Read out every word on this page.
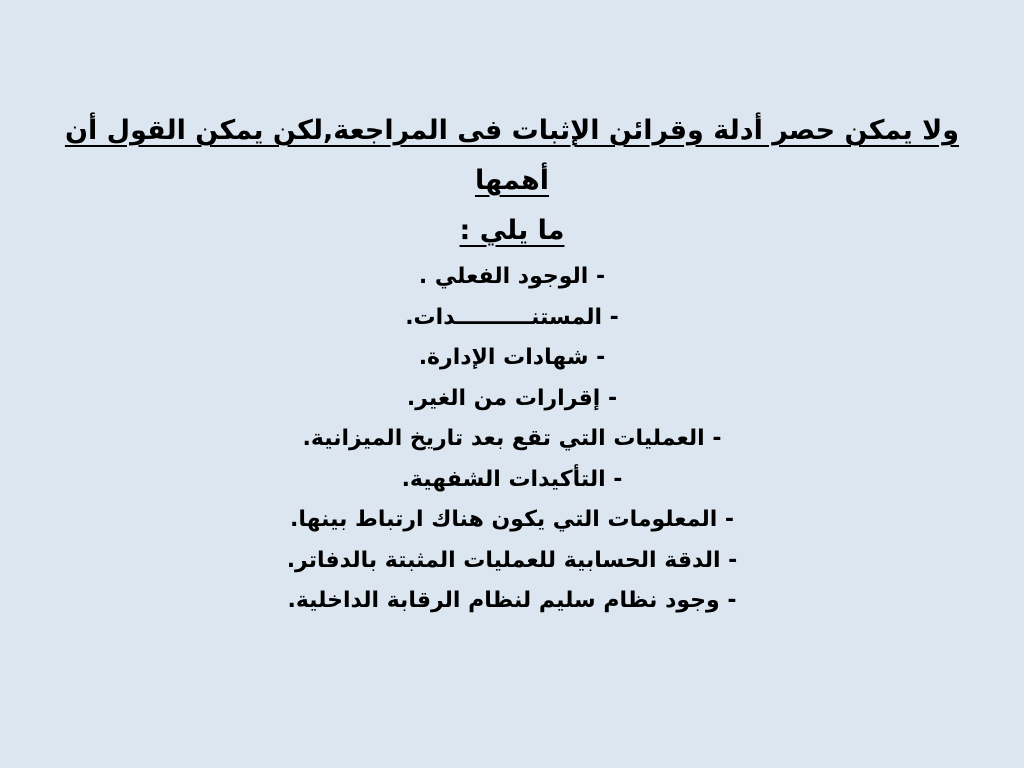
ولا يمكن حصر أدلة وقرائن الإثبات فى المراجعة,لكن يمكن القول أن أهمها
ما يلي :
- الوجود الفعلي .
- المستنــــــــــدات.
- شهادات الإدارة.
- إقرارات من الغير.
- العمليات التي تقع بعد تاريخ الميزانية.
- التأكيدات الشفهية.
- المعلومات التي يكون هناك ارتباط بينها.
- الدقة الحسابية للعمليات المثبتة بالدفاتر.
- وجود نظام سليم لنظام الرقابة الداخلية.
